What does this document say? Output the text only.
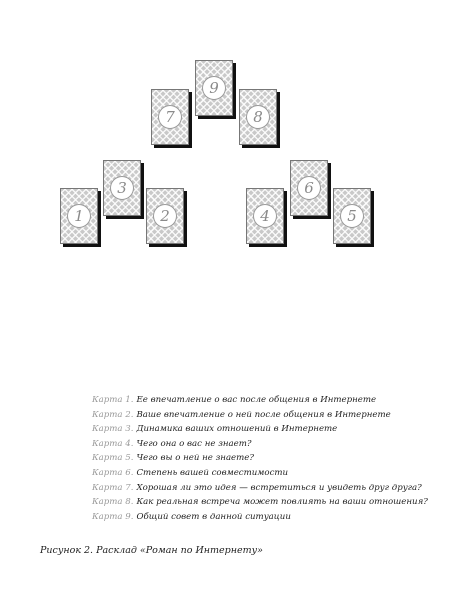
1	2
3
4	5
6
7	8
9
Карта 1. Ее впечатление о вас после общения в Интернете
Карта 2. Ваше впечатление о ней после общения в Интернете
Карта 3. Динамика ваших отношений в Интернете
Карта 4. Чего она о вас не знает?
Карта 5. Чего вы о ней не знаете?
Карта 6. Степень вашей совместимости
Карта 7. Хорошая ли это идея — встретиться и увидеть друг друга?
Карта 8. Как реальная встреча может повлиять на ваши отношения?
Карта 9. Общий совет в данной ситуации
Рисунок 2. Расклад «Роман по Интернету»
